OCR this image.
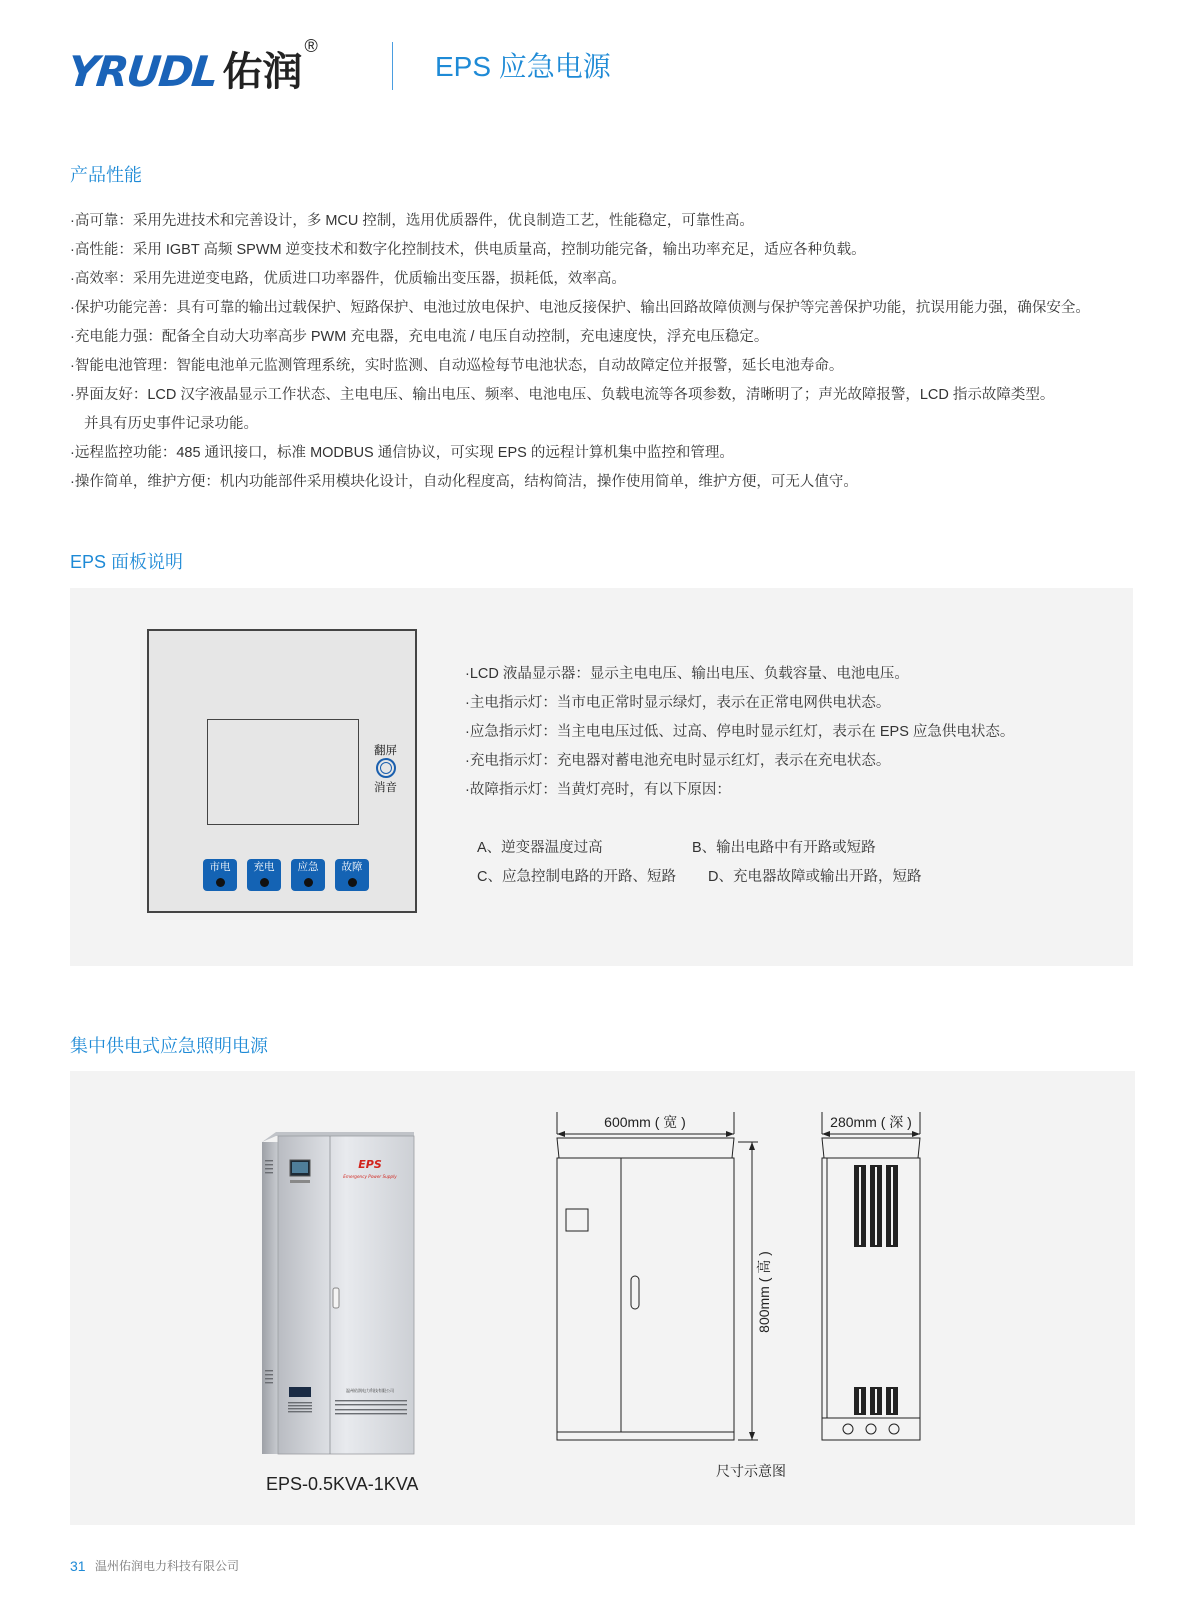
YRUDL 佑润
®
EPS 应急电源
产品性能
·高可靠：采用先进技术和完善设计，多 MCU 控制，选用优质器件，优良制造工艺，性能稳定，可靠性高。
·高性能：采用 IGBT 高频 SPWM 逆变技术和数字化控制技术，供电质量高，控制功能完备，输出功率充足，适应各种负载。
·高效率：采用先进逆变电路，优质进口功率器件，优质输出变压器，损耗低，效率高。
·保护功能完善：具有可靠的输出过载保护、短路保护、电池过放电保护、电池反接保护、输出回路故障侦测与保护等完善保护功能，抗误用能力强，确保安全。
·充电能力强：配备全自动大功率高步 PWM 充电器，充电电流 / 电压自动控制，充电速度快，浮充电压稳定。
·智能电池管理：智能电池单元监测管理系统，实时监测、自动巡检每节电池状态，自动故障定位并报警，延长电池寿命。
·界面友好：LCD 汉字液晶显示工作状态、主电电压、输出电压、频率、电池电压、负载电流等各项参数，清晰明了；声光故障报警，LCD 指示故障类型。
并具有历史事件记录功能。
·远程监控功能：485 通讯接口，标准 MODBUS 通信协议，可实现 EPS 的远程计算机集中监控和管理。
·操作简单，维护方便：机内功能部件采用模块化设计，自动化程度高，结构简洁，操作使用简单，维护方便，可无人值守。
EPS 面板说明
翻屏
消音
市电	充电	应急	故障
·LCD 液晶显示器：显示主电电压、输出电压、负载容量、电池电压。
·主电指示灯：当市电正常时显示绿灯，表示在正常电网供电状态。
·应急指示灯：当主电电压过低、过高、停电时显示红灯，表示在 EPS 应急供电状态。
·充电指示灯：充电器对蓄电池充电时显示红灯，表示在充电状态。
·故障指示灯：当黄灯亮时，有以下原因：
A、逆变器温度过高	B、输出电路中有开路或短路
C、应急控制电路的开路、短路 D、充电器故障或输出开路，短路
集中供电式应急照明电源
EPS
Emergency Power Supply
温州佑润电力科技有限公司
EPS-0.5KVA-1KVA
600mm ( 宽 )
800mm ( 高 )
280mm ( 深 )
尺寸示意图
31 温州佑润电力科技有限公司
